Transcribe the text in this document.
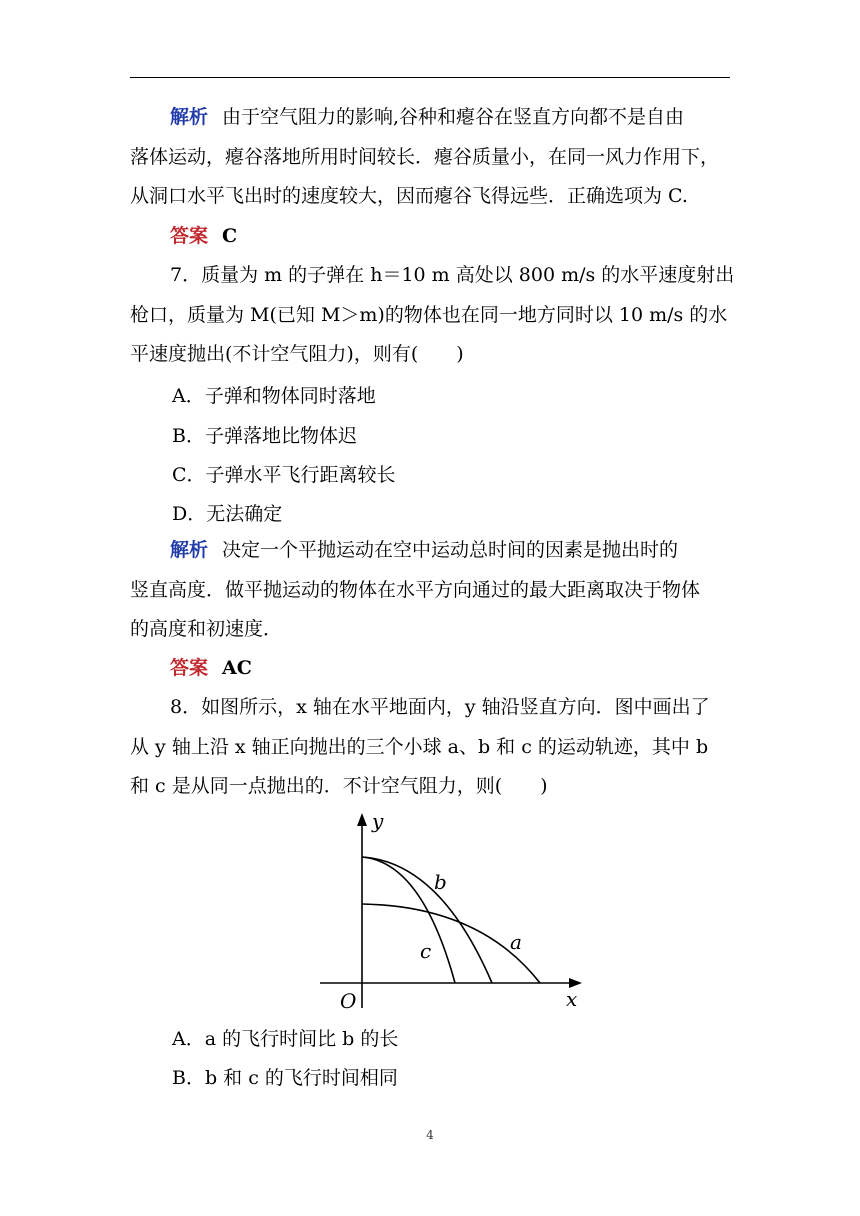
解析 由于空气阻力的影响,谷种和瘪谷在竖直方向都不是自由
落体运动，瘪谷落地所用时间较长．瘪谷质量小，在同一风力作用下，
从洞口水平飞出时的速度较大，因而瘪谷飞得远些．正确选项为 C.
答案 C
7．质量为 m 的子弹在 h＝10 m 高处以 800 m/s 的水平速度射出
枪口，质量为 M(已知 M＞m)的物体也在同一地方同时以 10 m/s 的水
平速度抛出(不计空气阻力)，则有(　　)
A．子弹和物体同时落地
B．子弹落地比物体迟
C．子弹水平飞行距离较长
D．无法确定
解析 决定一个平抛运动在空中运动总时间的因素是抛出时的
竖直高度．做平抛运动的物体在水平方向通过的最大距离取决于物体
的高度和初速度．
答案 AC
8．如图所示，x 轴在水平地面内，y 轴沿竖直方向．图中画出了
从 y 轴上沿 x 轴正向抛出的三个小球 a、b 和 c 的运动轨迹，其中 b
和 c 是从同一点抛出的．不计空气阻力，则(　　)
y
x
O
b
a
c
A．a 的飞行时间比 b 的长
B．b 和 c 的飞行时间相同
4
